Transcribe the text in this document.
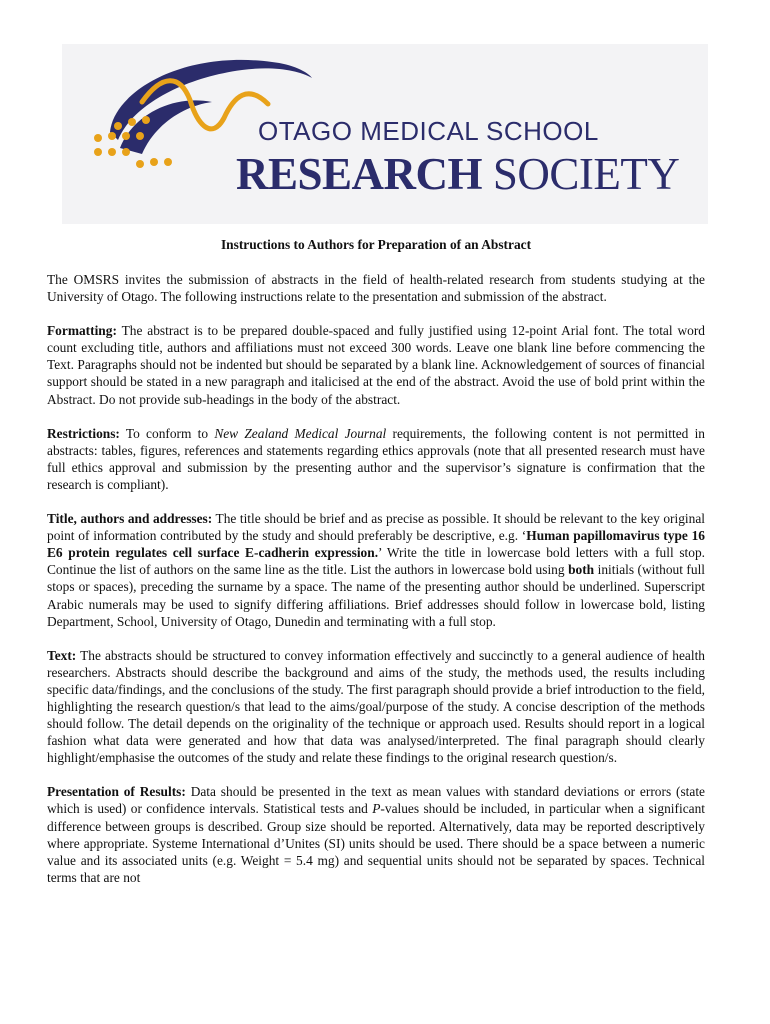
OTAGO MEDICAL SCHOOL
RESEARCH SOCIETY
Instructions to Authors for Preparation of an Abstract

The OMSRS invites the submission of abstracts in the field of health-related research from students studying at the University of Otago. The following instructions relate to the presentation and submission of the abstract.

Formatting: The abstract is to be prepared double-spaced and fully justified using 12-point Arial font. The total word count excluding title, authors and affiliations must not exceed 300 words. Leave one blank line before commencing the Text. Paragraphs should not be indented but should be separated by a blank line. Acknowledgement of sources of financial support should be stated in a new paragraph and italicised at the end of the abstract. Avoid the use of bold print within the Abstract. Do not provide sub-headings in the body of the abstract.

Restrictions: To conform to New Zealand Medical Journal requirements, the following content is not permitted in abstracts: tables, figures, references and statements regarding ethics approvals (note that all presented research must have full ethics approval and submission by the presenting author and the supervisor’s signature is confirmation that the research is compliant).

Title, authors and addresses: The title should be brief and as precise as possible. It should be relevant to the key original point of information contributed by the study and should preferably be descriptive, e.g. ‘Human papillomavirus type 16 E6 protein regulates cell surface E-cadherin expression.’ Write the title in lowercase bold letters with a full stop. Continue the list of authors on the same line as the title. List the authors in lowercase bold using both initials (without full stops or spaces), preceding the surname by a space. The name of the presenting author should be underlined. Superscript Arabic numerals may be used to signify differing affiliations. Brief addresses should follow in lowercase bold, listing Department, School, University of Otago, Dunedin and terminating with a full stop.

Text: The abstracts should be structured to convey information effectively and succinctly to a general audience of health researchers. Abstracts should describe the background and aims of the study, the methods used, the results including specific data/findings, and the conclusions of the study. The first paragraph should provide a brief introduction to the field, highlighting the research question/s that lead to the aims/goal/purpose of the study. A concise description of the methods should follow. The detail depends on the originality of the technique or approach used. Results should report in a logical fashion what data were generated and how that data was analysed/interpreted. The final paragraph should clearly highlight/emphasise the outcomes of the study and relate these findings to the original research question/s.

Presentation of Results: Data should be presented in the text as mean values with standard deviations or errors (state which is used) or confidence intervals. Statistical tests and P-values should be included, in particular when a significant difference between groups is described. Group size should be reported. Alternatively, data may be reported descriptively where appropriate. Systeme International d’Unites (SI) units should be used. There should be a space between a numeric value and its associated units (e.g. Weight = 5.4 mg) and sequential units should not be separated by spaces. Technical terms that are not
